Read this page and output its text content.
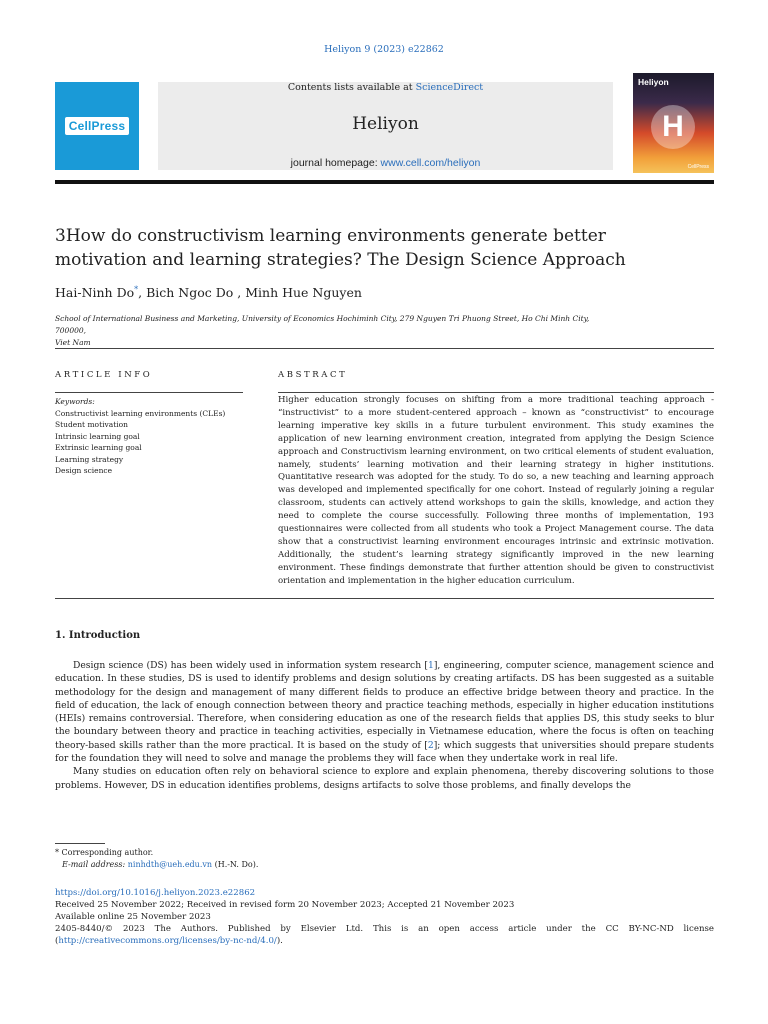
Heliyon 9 (2023) e22862
CellPress
Contents lists available at ScienceDirect
Heliyon
journal homepage: www.cell.com/heliyon
Heliyon
H
CellPress
3How do constructivism learning environments generate better
motivation and learning strategies? The Design Science Approach
Hai-Ninh Do*, Bich Ngoc Do , Minh Hue Nguyen
School of International Business and Marketing, University of Economics Hochiminh City, 279 Nguyen Tri Phuong Street, Ho Chi Minh City, 700000,
Viet Nam
ARTICLE INFO	ABSTRACT
Keywords:
Constructivist learning environments (CLEs)
Student motivation
Intrinsic learning goal
Extrinsic learning goal
Learning strategy
Design science
Higher education strongly focuses on shifting from a more traditional teaching approach - “instructivist” to a more student-centered approach – known as “constructivist” to encourage learning imperative key skills in a future turbulent environment. This study examines the application of new learning environment creation, integrated from applying the Design Science approach and Constructivism learning environment, on two critical elements of student evaluation, namely, students’ learning motivation and their learning strategy in higher institutions. Quantitative research was adopted for the study. To do so, a new teaching and learning approach was developed and implemented specifically for one cohort. Instead of regularly joining a regular classroom, students can actively attend workshops to gain the skills, knowledge, and action they need to complete the course successfully. Following three months of implementation, 193 questionnaires were collected from all students who took a Project Management course. The data show that a constructivist learning environment encourages intrinsic and extrinsic motivation. Additionally, the student’s learning strategy significantly improved in the new learning environment. These findings demonstrate that further attention should be given to constructivist orientation and implementation in the higher education curriculum.
1. Introduction

Design science (DS) has been widely used in information system research [1], engineering, computer science, management science and education. In these studies, DS is used to identify problems and design solutions by creating artifacts. DS has been suggested as a suitable methodology for the design and management of many different fields to produce an effective bridge between theory and practice. In the field of education, the lack of enough connection between theory and practice teaching methods, especially in higher education institutions (HEIs) remains controversial. Therefore, when considering education as one of the research fields that applies DS, this study seeks to blur the boundary between theory and practice in teaching activities, especially in Vietnamese education, where the focus is often on teaching theory-based skills rather than the more practical. It is based on the study of [2]; which suggests that universities should prepare students for the foundation they will need to solve and manage the problems they will face when they undertake work in real life.

Many studies on education often rely on behavioral science to explore and explain phenomena, thereby discovering solutions to those problems. However, DS in education identifies problems, designs artifacts to solve those problems, and finally develops the

* Corresponding author.
E-mail address: ninhdth@ueh.edu.vn (H.-N. Do).
https://doi.org/10.1016/j.heliyon.2023.e22862
Received 25 November 2022; Received in revised form 20 November 2023; Accepted 21 November 2023
Available online 25 November 2023
2405-8440/© 2023 The Authors. Published by Elsevier Ltd. This is an open access article under the CC BY-NC-ND license
(http://creativecommons.org/licenses/by-nc-nd/4.0/).
